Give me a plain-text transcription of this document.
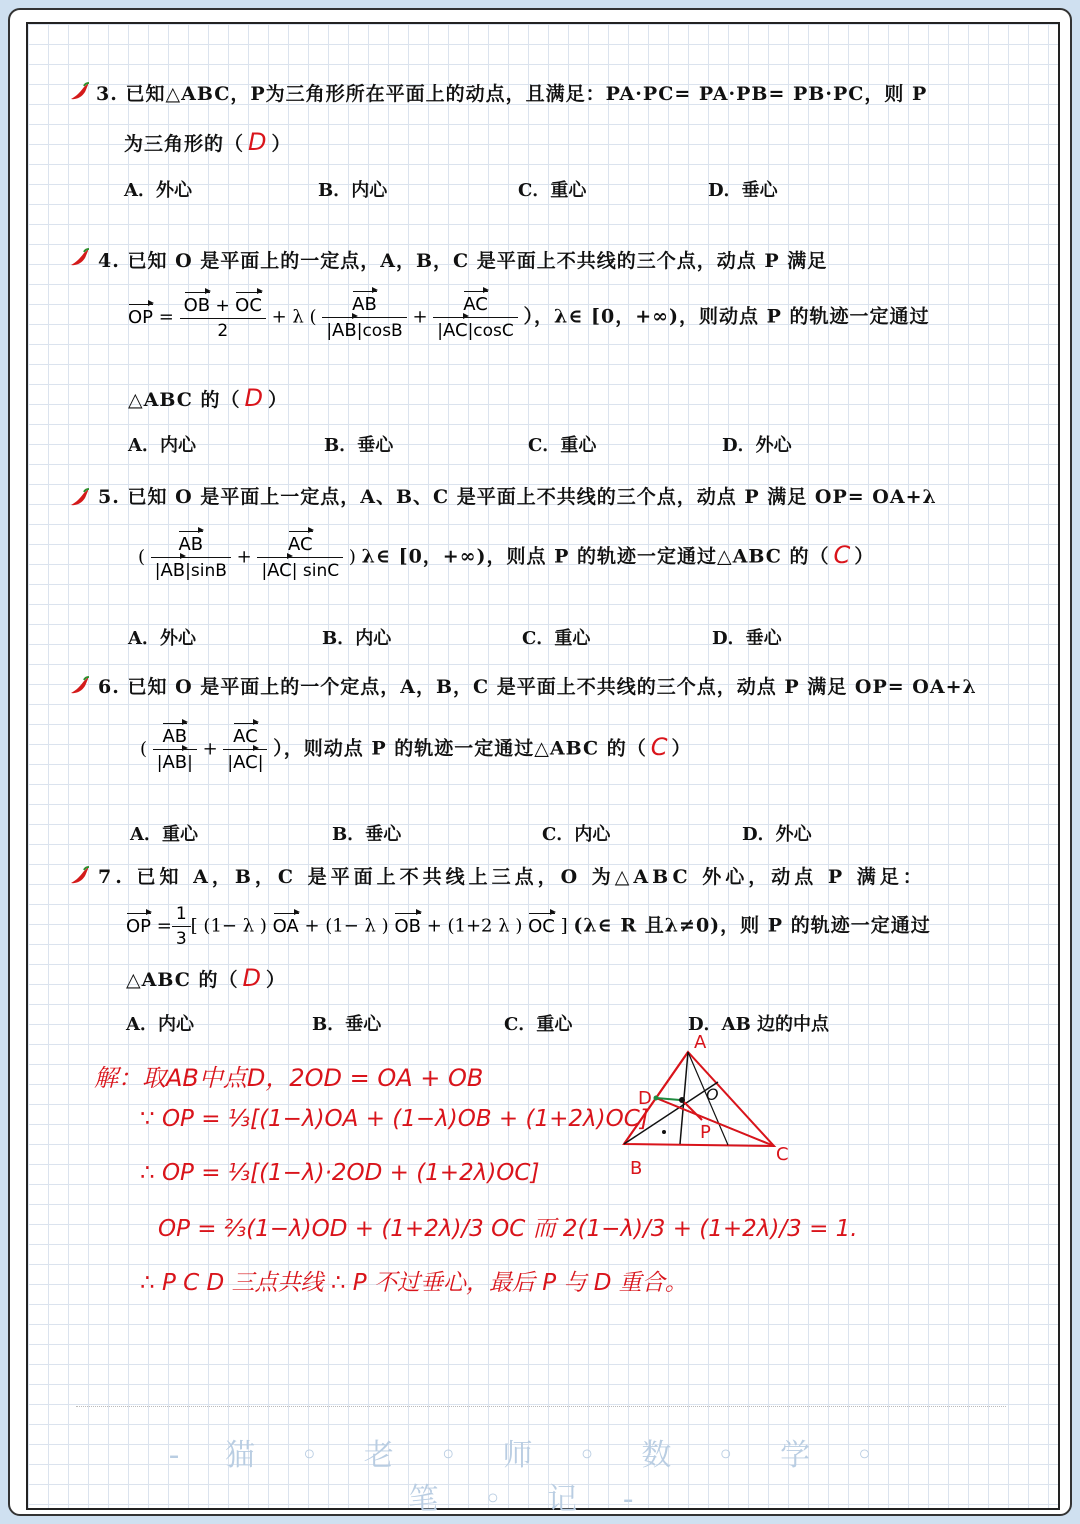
3. 已知△ABC，P为三角形所在平面上的动点，且满足：PA·PC= PA·PB= PB·PC，则 P
为三角形的（ D ）
A．外心	B．内心	C．重心	D．垂心
4. 已知 O 是平面上的一定点，A，B，C 是平面上不共线的三个点，动点 P 满足
OP = $\frac{OB + OC}{2} + \lambda$ ( $\frac{AB}{|AB|\cos B} + \frac{AC}{|AC|\cos C}$ ），λ∈ [0，+∞)，则动点 P 的轨迹一定通过
△ABC 的（ D ）
A．内心	B．垂心	C．重心	D．外心
5. 已知 O 是平面上一定点，A、B、C 是平面上不共线的三个点，动点 P 满足 OP= OA+λ
( $\frac{AB}{|AB|\sin B} + \frac{AC}{|AC| \sin C}$ ) λ∈ [0，+∞)，则点 P 的轨迹一定通过△ABC 的（ C ）
A．外心	B．内心	C．重心	D．垂心
6. 已知 O 是平面上的一个定点，A，B，C 是平面上不共线的三个点，动点 P 满足 OP= OA+λ
( $\frac{AB}{|AB|} + \frac{AC}{|AC|}$ ），则动点 P 的轨迹一定通过△ABC 的（ C ）
A．重心	B．垂心	C．内心	D．外心
7. 已知 A，B，C 是平面上不共线上三点，O 为△ABC 外心，动点 P 满足：
OP = $\frac{1}{3}$ [ (1− λ ) OA + (1− λ ) OB + (1+2 λ ) OC ] (λ∈ R 且λ≠0)，则 P 的轨迹一定通过
△ABC 的（ D ）
A．内心	B．垂心	C．重心	D．AB 边的中点
解：取AB中点D，2OD = OA + OB
∵ OP = ⅓[(1−λ)OA + (1−λ)OB + (1+2λ)OC]
∴ OP = ⅓[(1−λ)·2OD + (1+2λ)OC]
OP = ⅔(1−λ)OD + (1+2λ)/3 OC 而 2(1−λ)/3 + (1+2λ)/3 = 1.
∴ P C D 三点共线 ∴ P 不过垂心，最后 P 与 D 重合。
A
B
C
D	O
P
- 猫 ◦ 老 ◦ 师 ◦ 数 ◦ 学 ◦ 笔 ◦ 记 -
